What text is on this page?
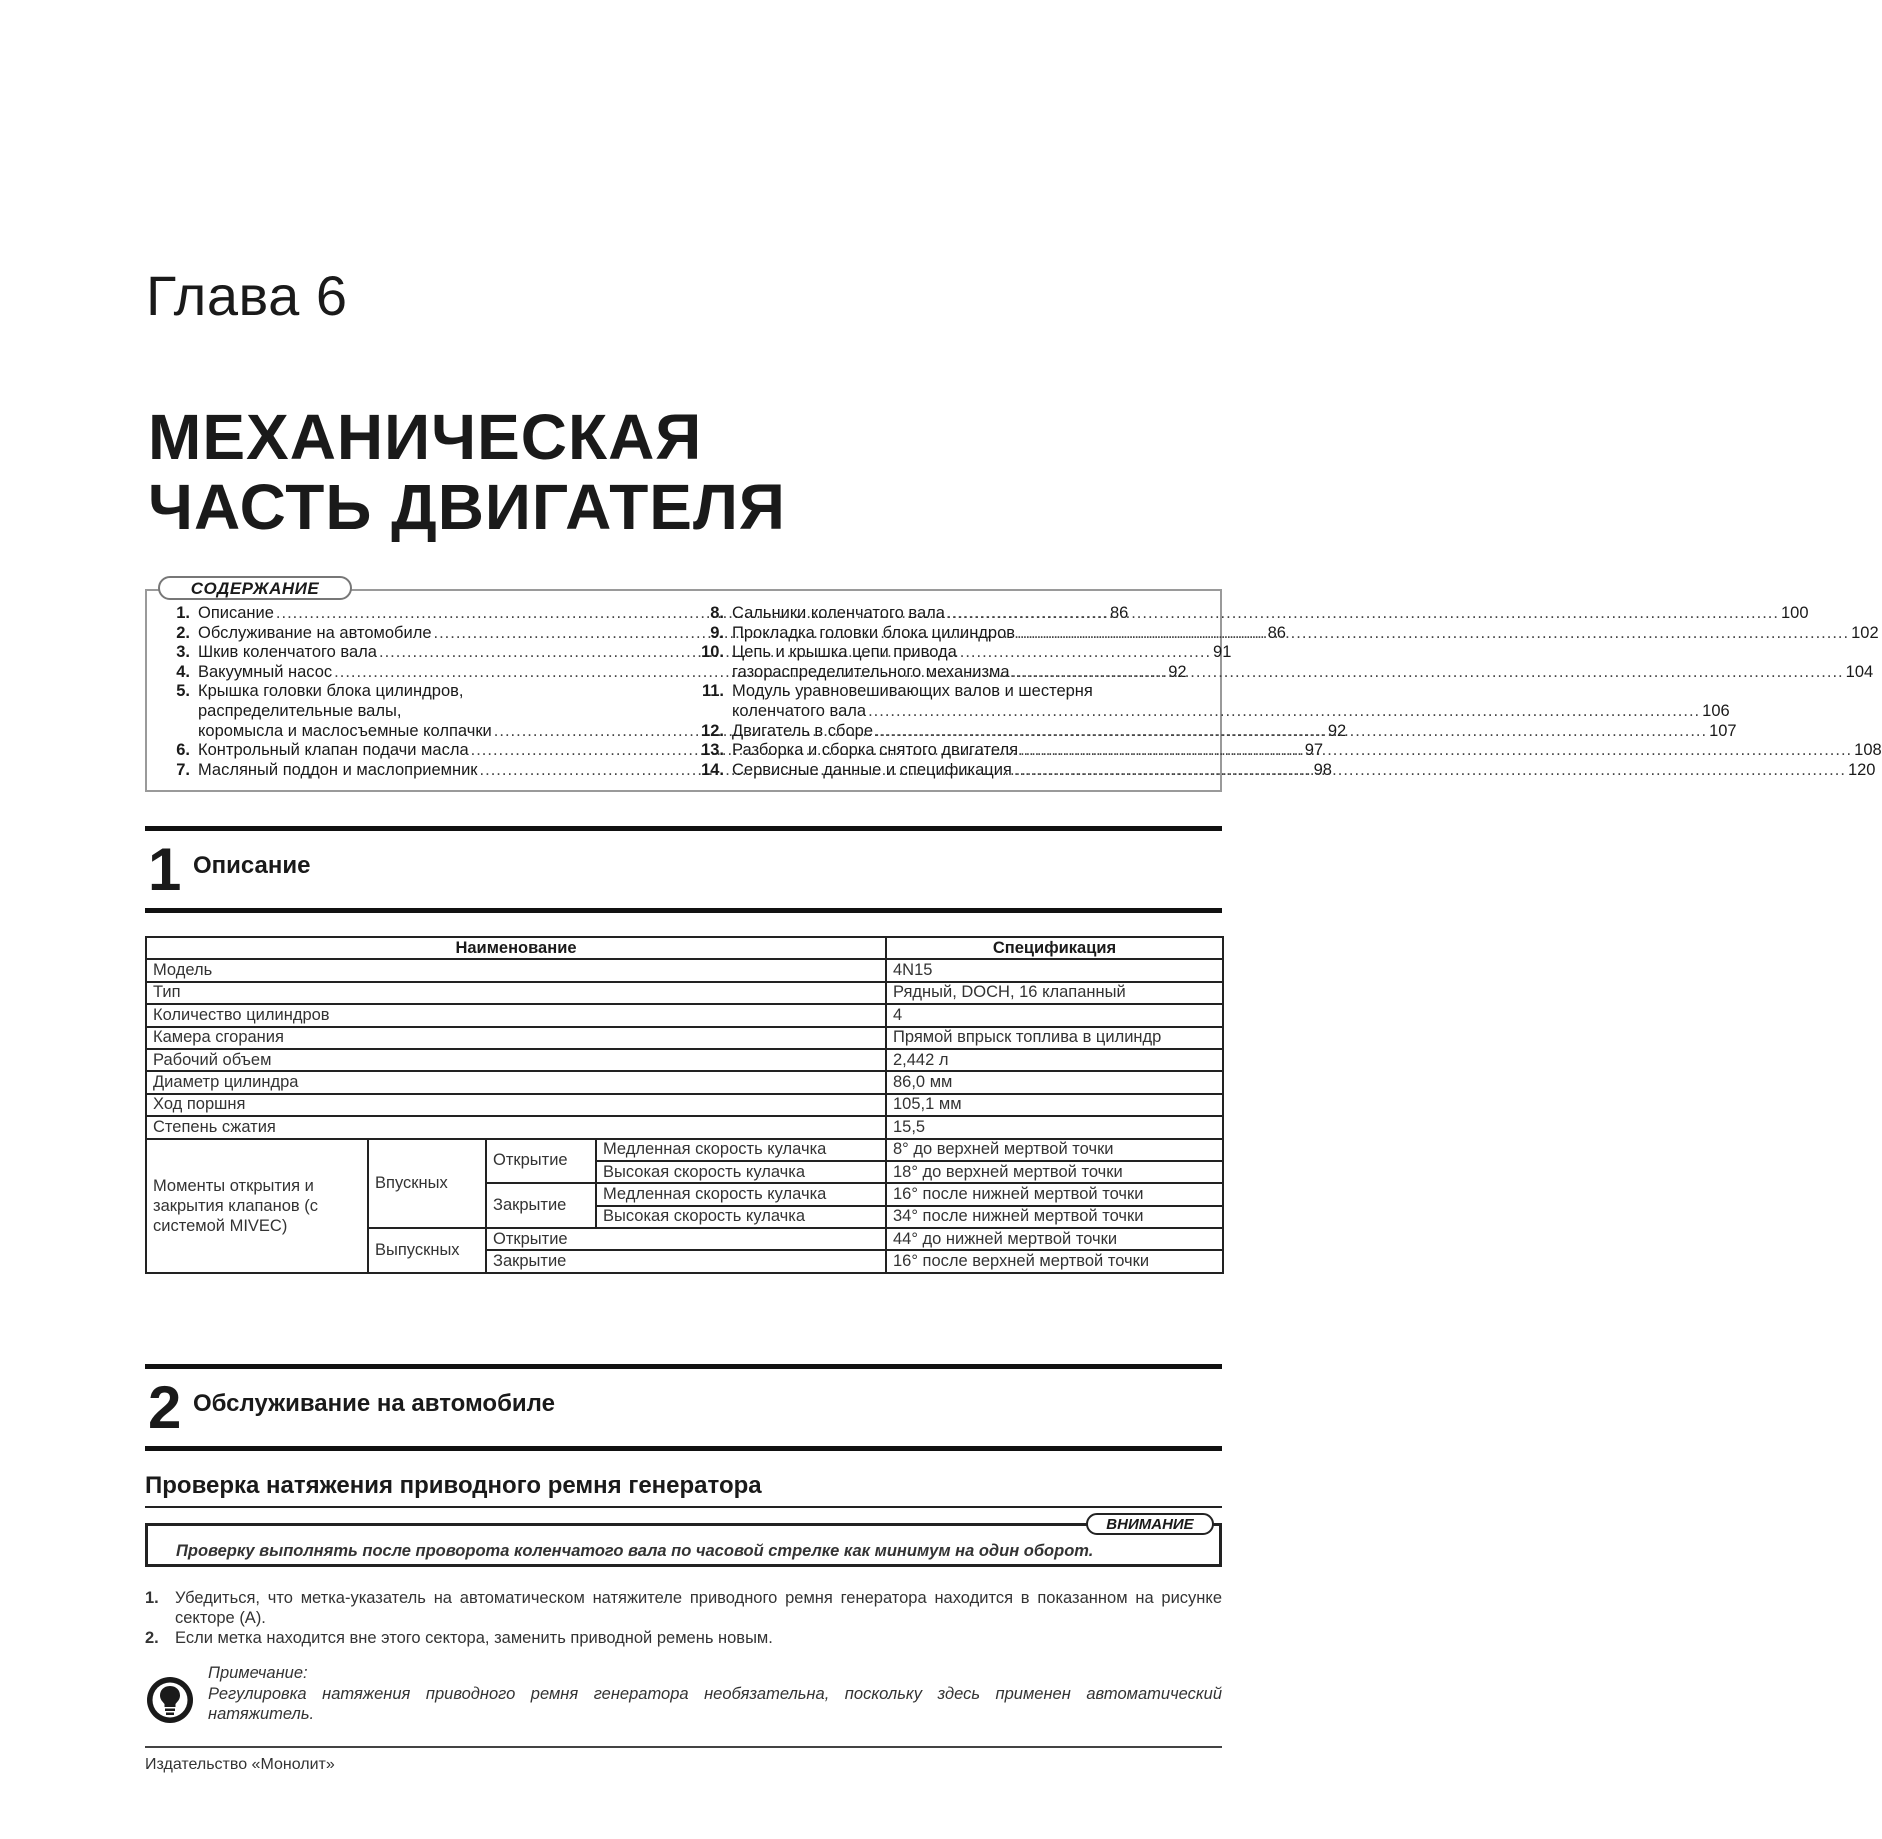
Глава 6
МЕХАНИЧЕСКАЯ
ЧАСТЬ ДВИГАТЕЛЯ
СОДЕРЖАНИЕ
1. Описание .....	86
2. Обслуживание на автомобиле .....	86
3. Шкив коленчатого вала .....	91
4. Вакуумный насос .....	92
5. Крышка головки блока цилиндров,
распределительные валы,
коромысла и маслосъемные колпачки .....	92
6. Контрольный клапан подачи масла .....	97
7. Масляный поддон и маслоприемник .....	98
8. Сальники коленчатого вала .....	100
9. Прокладка головки блока цилиндров .....	102
10. Цепь и крышка цепи привода
газораспределительного механизма .....	104
11. Модуль уравновешивающих валов и шестерня
коленчатого вала .....	106
12. Двигатель в сборе .....	107
13. Разборка и сборка снятого двигателя .....	108
14. Сервисные данные и спецификация .....	120
1 Описание
Наименование				Спецификация
Модель				4N15
Тип				Рядный, DOCH, 16 клапанный
Количество цилиндров				4
Камера сгорания				Прямой впрыск топлива в цилиндр
Рабочий объем				2,442 л
Диаметр цилиндра				86,0 мм
Ход поршня				105,1 мм
Степень сжатия				15,5
Моменты открытия и закрытия клапанов (с системой MIVEC)	Впускных	Открытие	Медленная скорость кулачка	8° до верхней мертвой точки
			Высокая скорость кулачка	18° до верхней мертвой точки
		Закрытие	Медленная скорость кулачка	16° после нижней мертвой точки
			Высокая скорость кулачка	34° после нижней мертвой точки
	Выпускных	Открытие		44° до нижней мертвой точки
		Закрытие		16° после верхней мертвой точки
2 Обслуживание на автомобиле
Проверка натяжения приводного ремня генератора
ВНИМАНИЕ
Проверку выполнять после проворота коленчатого вала по часовой стрелке как минимум на один оборот.
1. Убедиться, что метка-указатель на автоматическом натяжителе приводного ремня генератора находится в показанном на рисунке секторе (А).
2. Если метка находится вне этого сектора, заменить приводной ремень новым.
Примечание:
Регулировка натяжения приводного ремня генератора необязательна, поскольку здесь применен автоматический натяжитель.
Издательство «Монолит»
